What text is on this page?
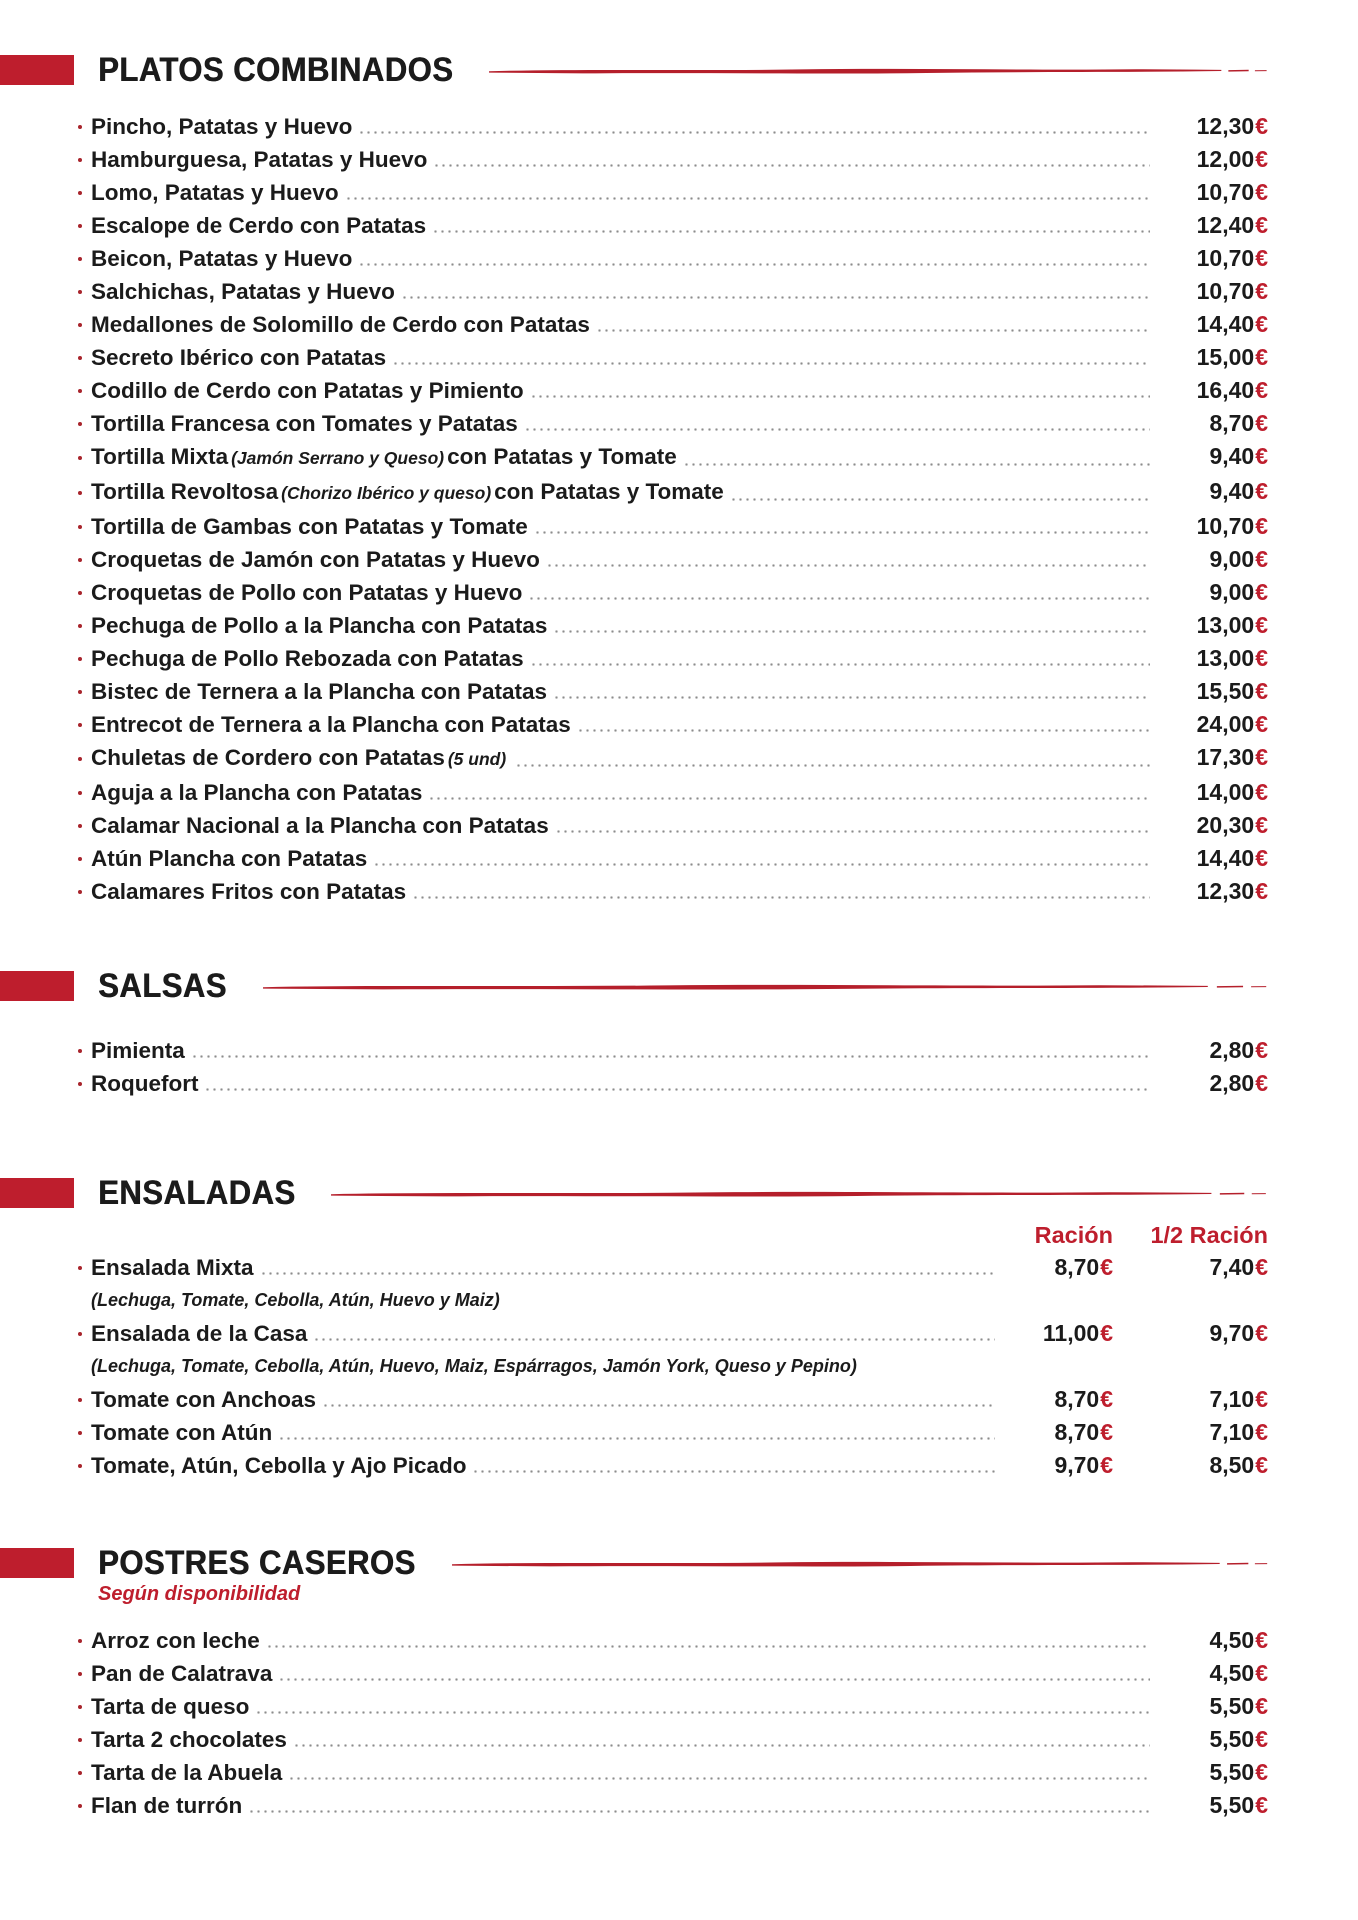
PLATOS COMBINADOS
Pincho, Patatas y Huevo	12,30€
Hamburguesa, Patatas y Huevo	12,00€
Lomo, Patatas y Huevo	10,70€
Escalope de Cerdo con Patatas	12,40€
Beicon, Patatas y Huevo	10,70€
Salchichas, Patatas y Huevo	10,70€
Medallones de Solomillo de Cerdo con Patatas	14,40€
Secreto Ibérico con Patatas	15,00€
Codillo de Cerdo con Patatas y Pimiento	16,40€
Tortilla Francesa con Tomates y Patatas	8,70€
Tortilla Mixta (Jamón Serrano y Queso) con Patatas y Tomate	9,40€
Tortilla Revoltosa (Chorizo Ibérico y queso) con Patatas y Tomate	9,40€
Tortilla de Gambas con Patatas y Tomate	10,70€
Croquetas de Jamón con Patatas y Huevo	9,00€
Croquetas de Pollo con Patatas y Huevo	9,00€
Pechuga de Pollo a la Plancha con Patatas	13,00€
Pechuga de Pollo Rebozada con Patatas	13,00€
Bistec de Ternera a la Plancha con Patatas	15,50€
Entrecot de Ternera a la Plancha con Patatas	24,00€
Chuletas de Cordero con Patatas (5 und)	17,30€
Aguja a la Plancha con Patatas	14,00€
Calamar Nacional a la Plancha con Patatas	20,30€
Atún Plancha con Patatas	14,40€
Calamares Fritos con Patatas	12,30€
SALSAS
Pimienta	2,80€
Roquefort	2,80€
ENSALADAS
Ración	1/2 Ración
Ensalada Mixta	8,70€	7,40€
(Lechuga, Tomate, Cebolla, Atún, Huevo y Maiz)
Ensalada de la Casa	11,00€	9,70€
(Lechuga, Tomate, Cebolla, Atún, Huevo, Maiz, Espárragos, Jamón York, Queso y Pepino)
Tomate con Anchoas	8,70€	7,10€
Tomate con Atún	8,70€	7,10€
Tomate, Atún, Cebolla y Ajo Picado	9,70€	8,50€
POSTRES CASEROS
Según disponibilidad
Arroz con leche	4,50€
Pan de Calatrava	4,50€
Tarta de queso	5,50€
Tarta 2 chocolates	5,50€
Tarta de la Abuela	5,50€
Flan de turrón	5,50€
